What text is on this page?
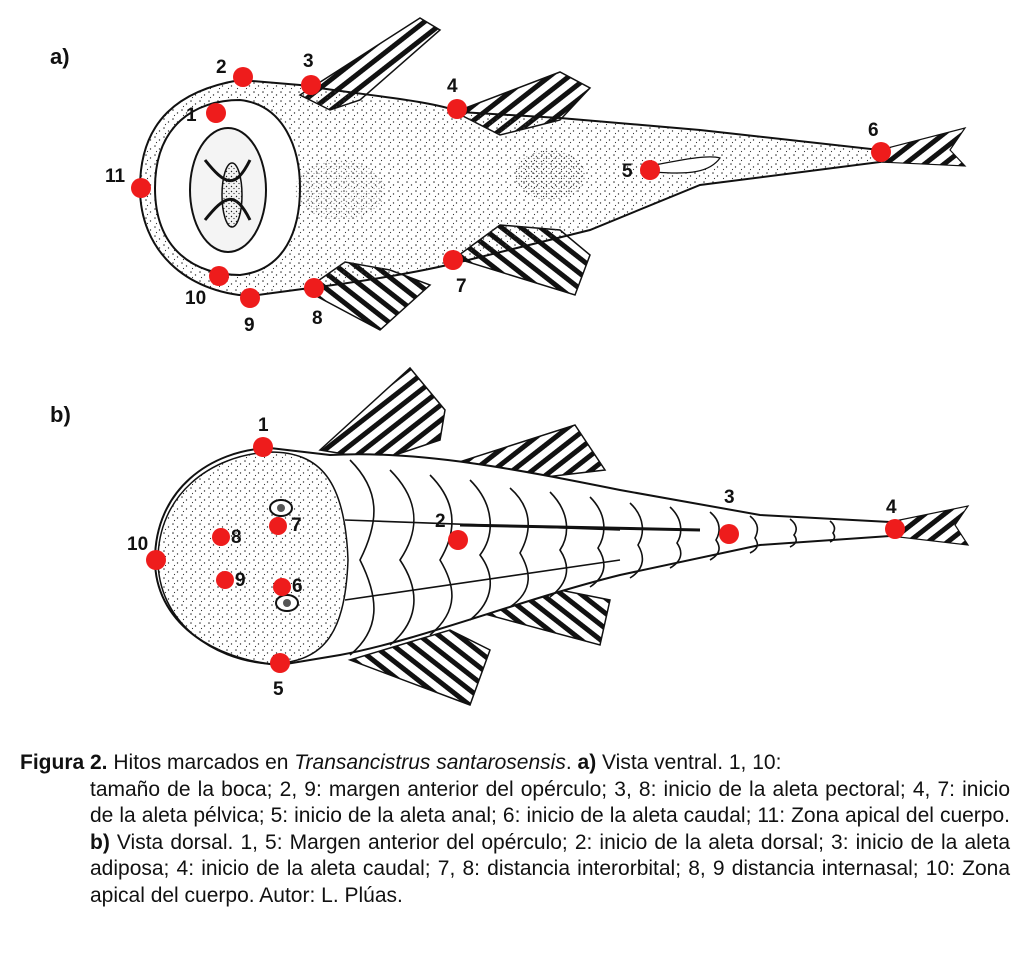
a)
b)
1
2	3
4
5
6
7
8
9
10
11
1
2
3	4
5
6
7
8
9
10
Figura 2. Hitos marcados en Transancistrus santarosensis. a) Vista ventral. 1, 10:
tamaño de la boca; 2, 9: margen anterior del opérculo; 3, 8: inicio de la aleta pectoral; 4, 7: inicio de la aleta pélvica; 5: inicio de la aleta anal; 6: inicio de la aleta caudal; 11: Zona apical del cuerpo. b) Vista dorsal. 1, 5: Margen anterior del opérculo; 2: inicio de la aleta dorsal; 3: inicio de la aleta adiposa; 4: inicio de la aleta caudal; 7, 8: distancia interorbital; 8, 9 distancia internasal; 10: Zona apical del cuerpo. Autor: L. Plúas.
